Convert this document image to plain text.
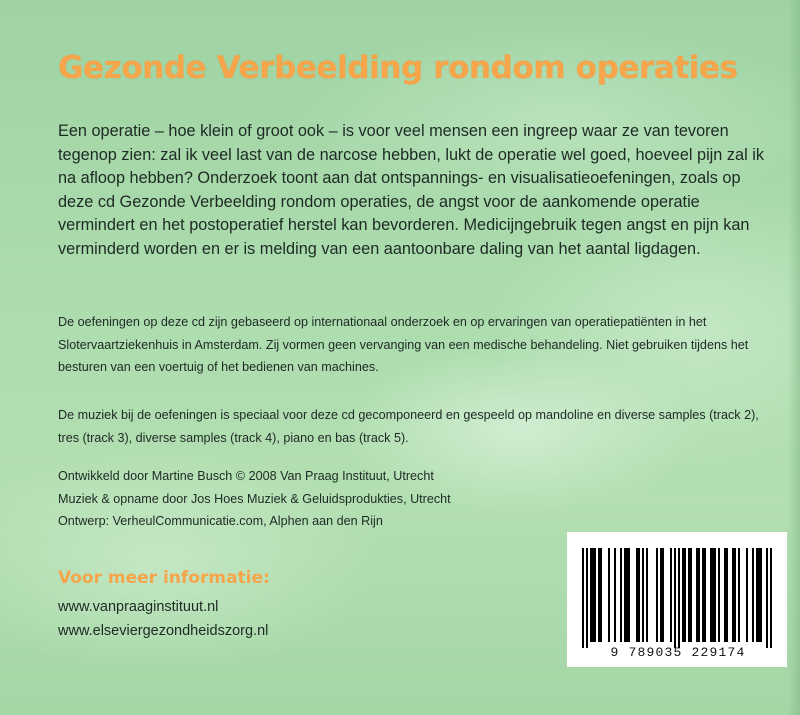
Gezonde Verbeelding rondom operaties

Een operatie – hoe klein of groot ook – is voor veel mensen een ingreep waar ze van tevoren tegenop zien: zal ik veel last van de narcose hebben, lukt de operatie wel goed, hoeveel pijn zal ik na afloop hebben? Onderzoek toont aan dat ontspannings- en visualisatieoefeningen, zoals op deze cd Gezonde Verbeelding rondom operaties, de angst voor de aankomende operatie vermindert en het postoperatief herstel kan bevorderen. Medicijngebruik tegen angst en pijn kan verminderd worden en er is melding van een aantoonbare daling van het aantal ligdagen.

De oefeningen op deze cd zijn gebaseerd op internationaal onderzoek en op ervaringen van operatiepatiënten in het Slotervaartziekenhuis in Amsterdam. Zij vormen geen vervanging van een medische behandeling. Niet gebruiken tijdens het besturen van een voertuig of het bedienen van machines.

De muziek bij de oefeningen is speciaal voor deze cd gecomponeerd en gespeeld op mandoline en diverse samples (track 2), tres (track 3), diverse samples (track 4), piano en bas (track 5).

Ontwikkeld door Martine Busch © 2008 Van Praag Instituut, Utrecht
Muziek & opname door Jos Hoes Muziek & Geluidsprodukties, Utrecht
Ontwerp: VerheulCommunicatie.com, Alphen aan den Rijn
Voor meer informatie:
www.vanpraaginstituut.nl
www.elseviergezondheidszorg.nl
9 789035 229174
